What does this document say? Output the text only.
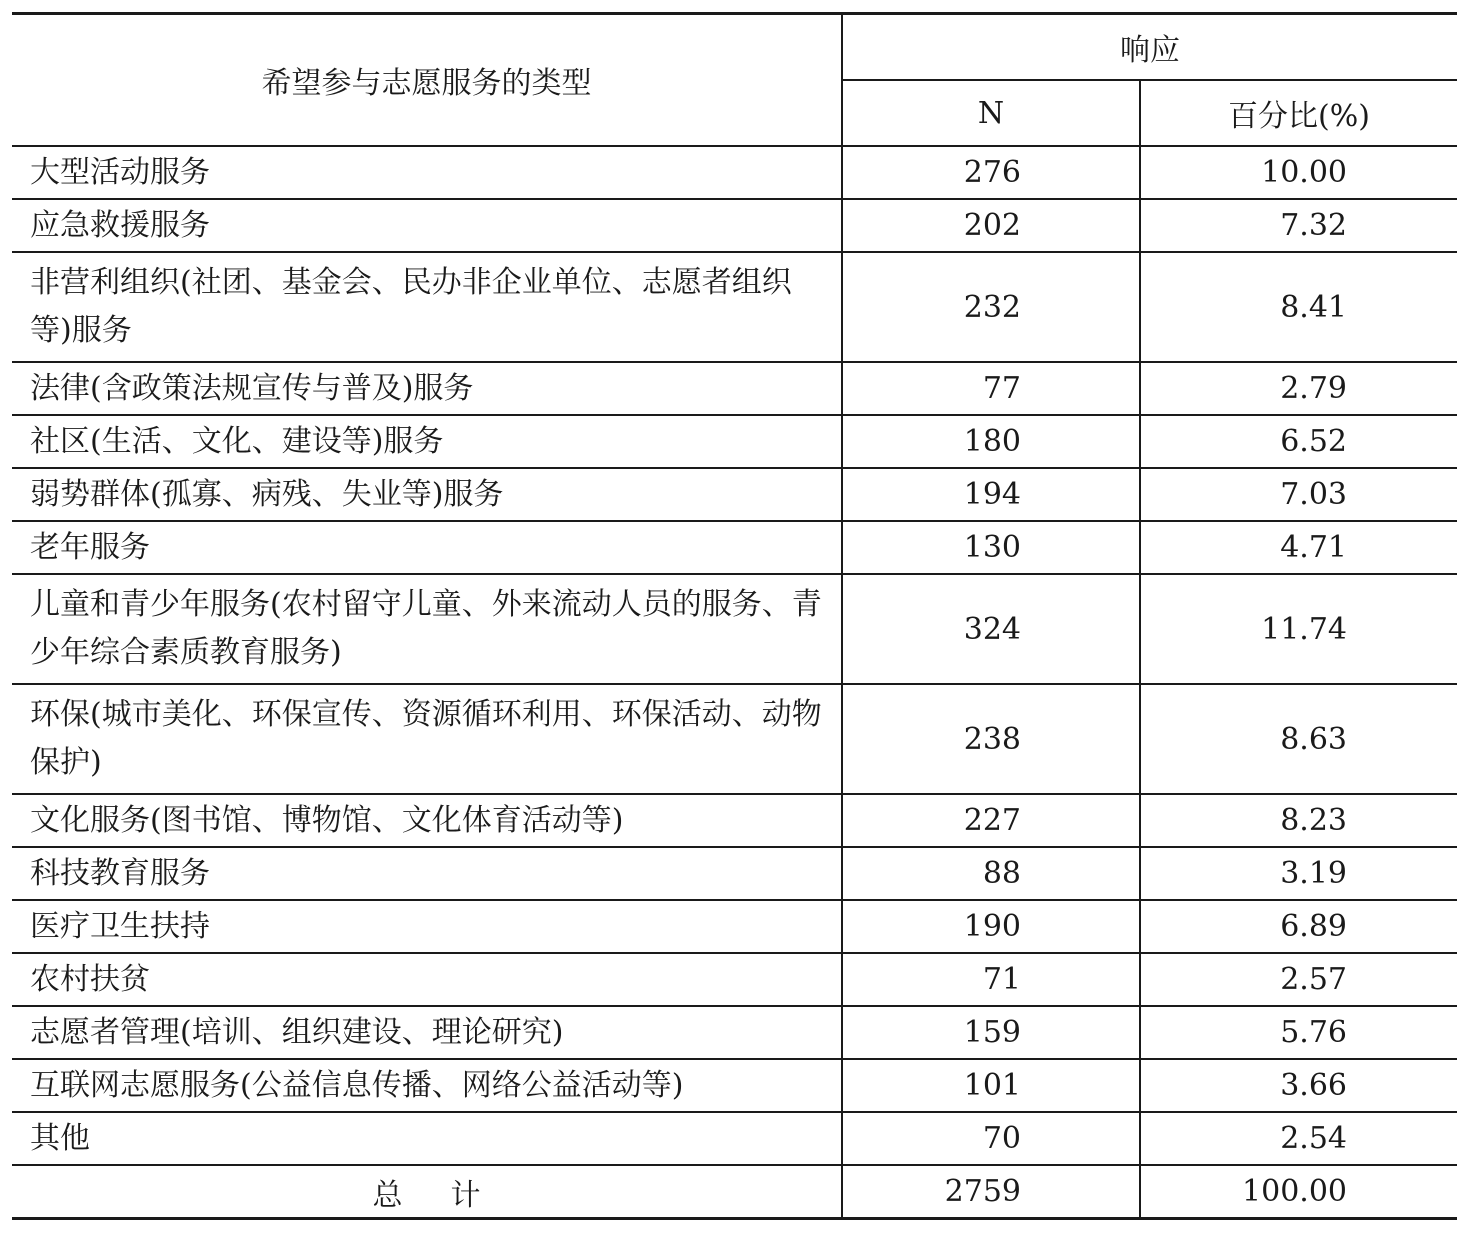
希望参与志愿服务的类型	响应	
	N	百分比(%)
大型活动服务	276	10.00
应急救援服务	202	7.32
非营利组织(社团、基金会、民办非企业单位、志愿者组织等)服务	232	8.41
法律(含政策法规宣传与普及)服务	77	2.79
社区(生活、文化、建设等)服务	180	6.52
弱势群体(孤寡、病残、失业等)服务	194	7.03
老年服务	130	4.71
儿童和青少年服务(农村留守儿童、外来流动人员的服务、青少年综合素质教育服务)	324	11.74
环保(城市美化、环保宣传、资源循环利用、环保活动、动物保护)	238	8.63
文化服务(图书馆、博物馆、文化体育活动等)	227	8.23
科技教育服务	88	3.19
医疗卫生扶持	190	6.89
农村扶贫	71	2.57
志愿者管理(培训、组织建设、理论研究)	159	5.76
互联网志愿服务(公益信息传播、网络公益活动等)	101	3.66
其他	70	2.54
总 计	2759	100.00
